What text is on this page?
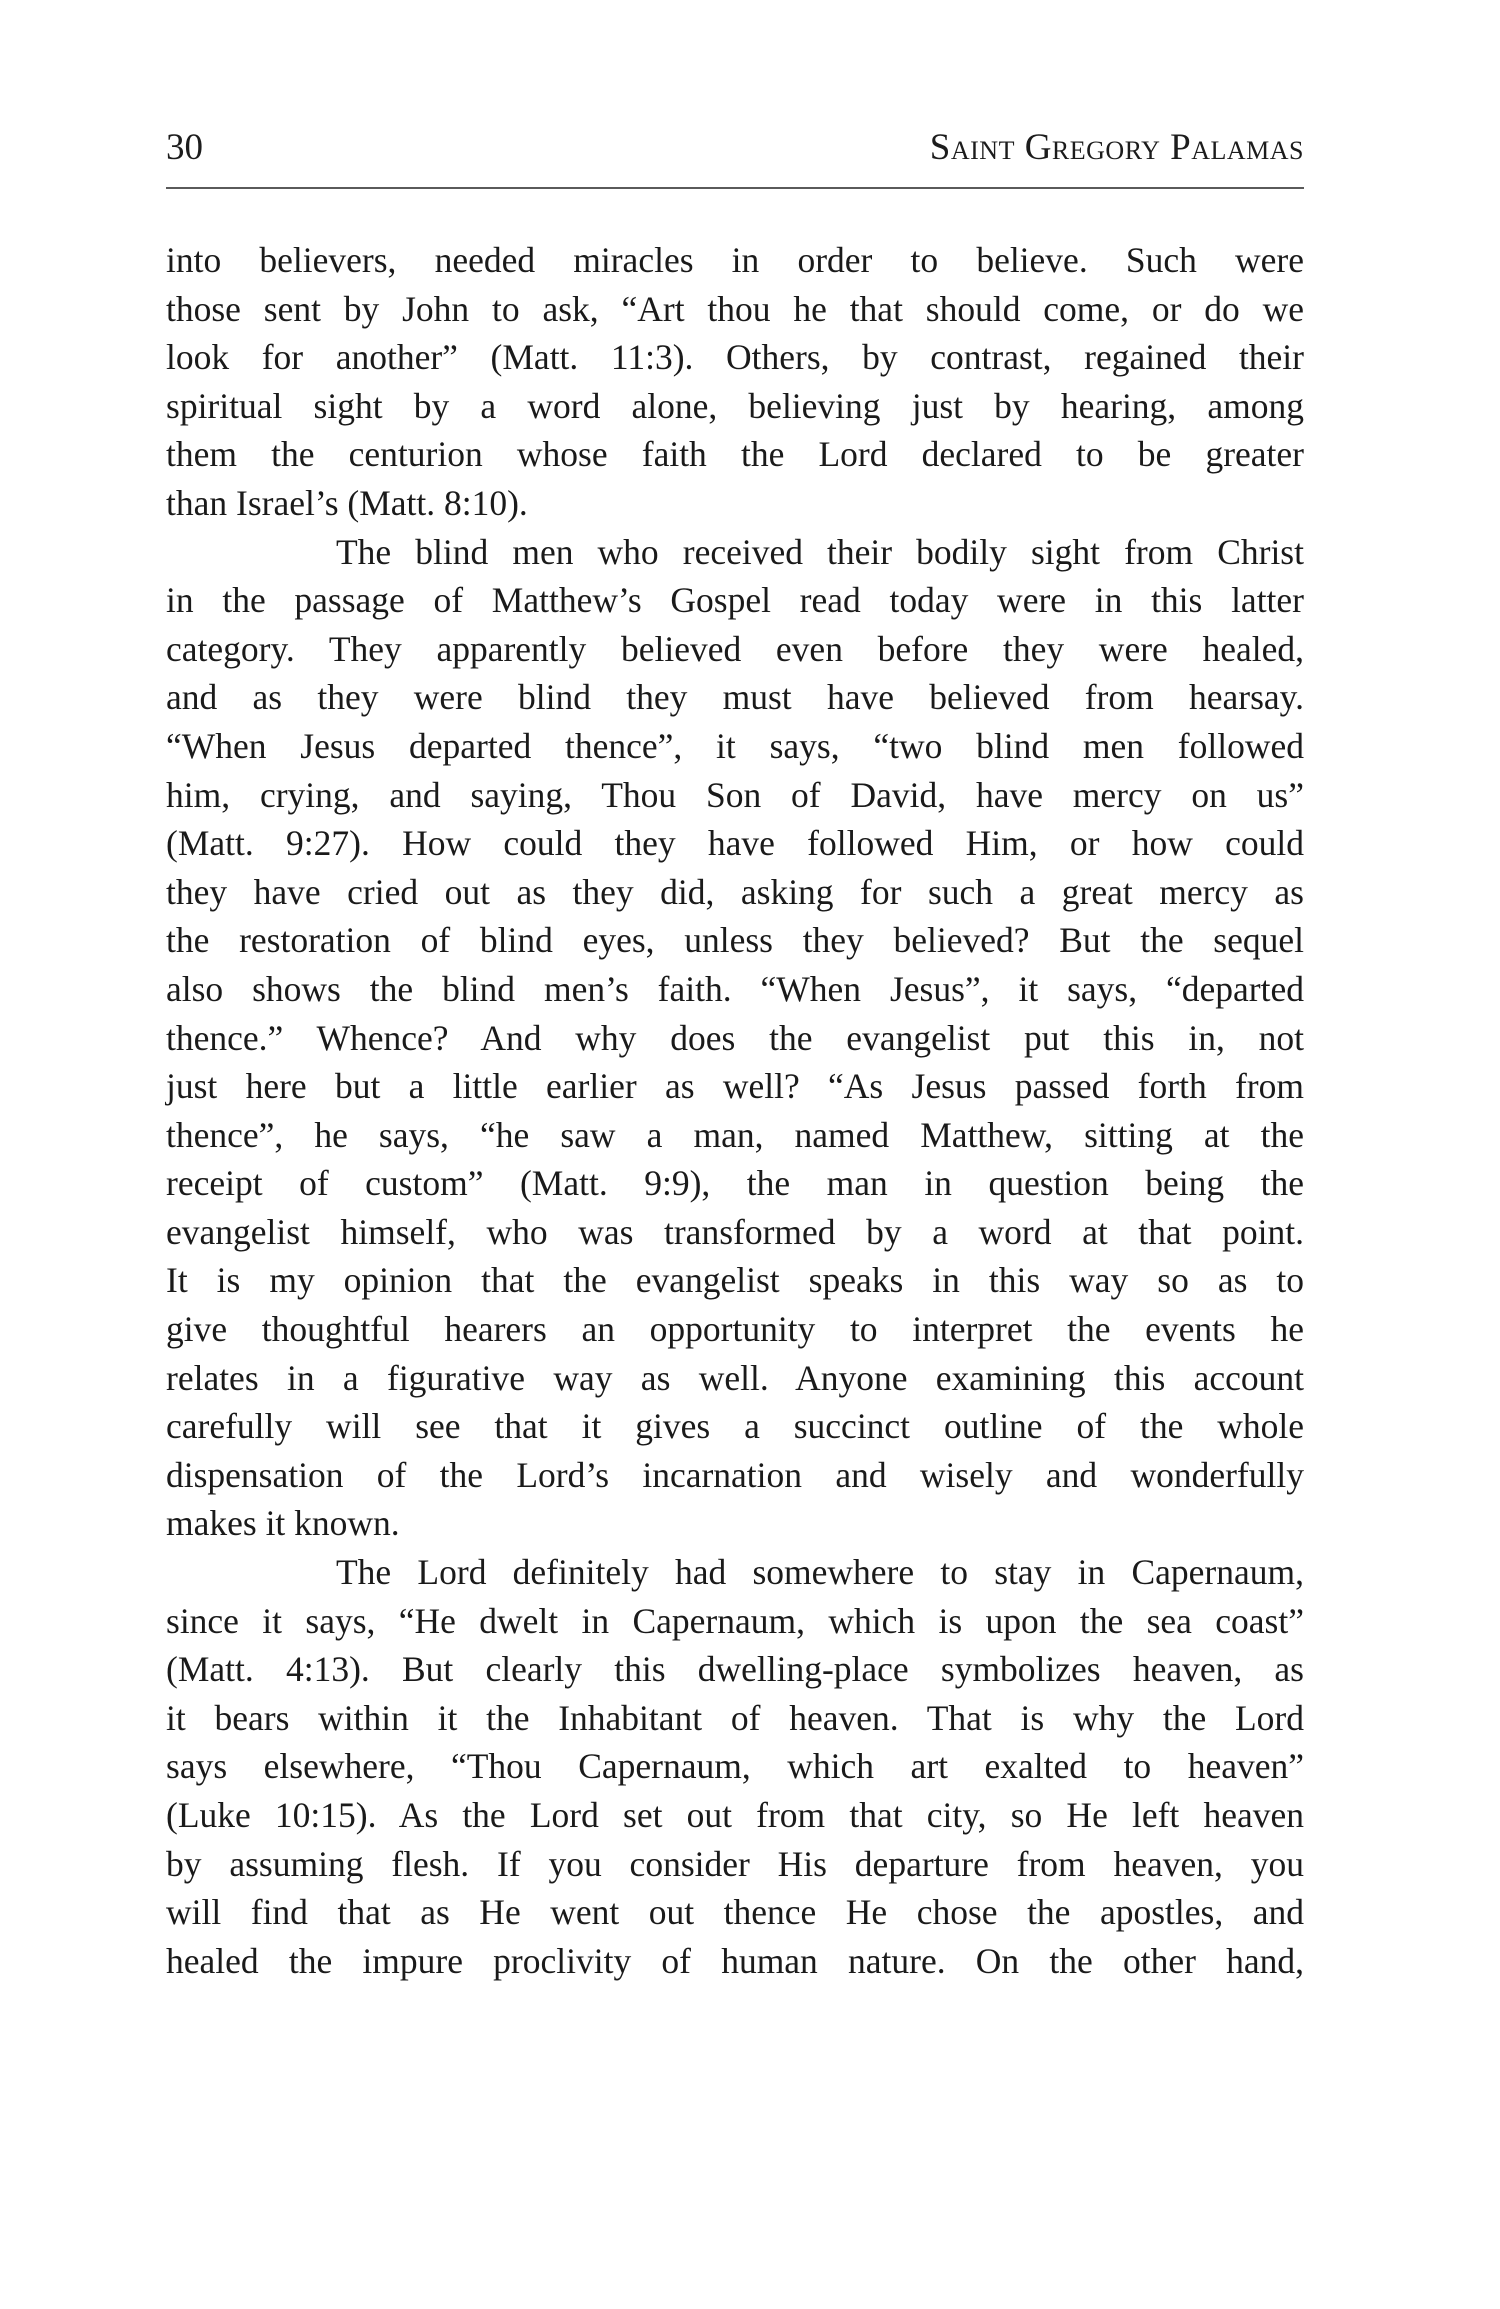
30	Saint Gregory Palamas
into believers, needed miracles in order to believe. Such were
those sent by John to ask, “Art thou he that should come, or do we
look for another” (Matt. 11:3). Others, by contrast, regained their
spiritual sight by a word alone, believing just by hearing, among
them the centurion whose faith the Lord declared to be greater
than Israel’s (Matt. 8:10).
The blind men who received their bodily sight from Christ
in the passage of Matthew’s Gospel read today were in this latter
category. They apparently believed even before they were healed,
and as they were blind they must have believed from hearsay.
“When Jesus departed thence”, it says, “two blind men followed
him, crying, and saying, Thou Son of David, have mercy on us”
(Matt. 9:27). How could they have followed Him, or how could
they have cried out as they did, asking for such a great mercy as
the restoration of blind eyes, unless they believed? But the sequel
also shows the blind men’s faith. “When Jesus”, it says, “departed
thence.” Whence? And why does the evangelist put this in, not
just here but a little earlier as well? “As Jesus passed forth from
thence”, he says, “he saw a man, named Matthew, sitting at the
receipt of custom” (Matt. 9:9), the man in question being the
evangelist himself, who was transformed by a word at that point.
It is my opinion that the evangelist speaks in this way so as to
give thoughtful hearers an opportunity to interpret the events he
relates in a figurative way as well. Anyone examining this account
carefully will see that it gives a succinct outline of the whole
dispensation of the Lord’s incarnation and wisely and wonderfully
makes it known.
The Lord definitely had somewhere to stay in Capernaum,
since it says, “He dwelt in Capernaum, which is upon the sea coast”
(Matt. 4:13). But clearly this dwelling-place symbolizes heaven, as
it bears within it the Inhabitant of heaven. That is why the Lord
says elsewhere, “Thou Capernaum, which art exalted to heaven”
(Luke 10:15). As the Lord set out from that city, so He left heaven
by assuming flesh. If you consider His departure from heaven, you
will find that as He went out thence He chose the apostles, and
healed the impure proclivity of human nature. On the other hand,
